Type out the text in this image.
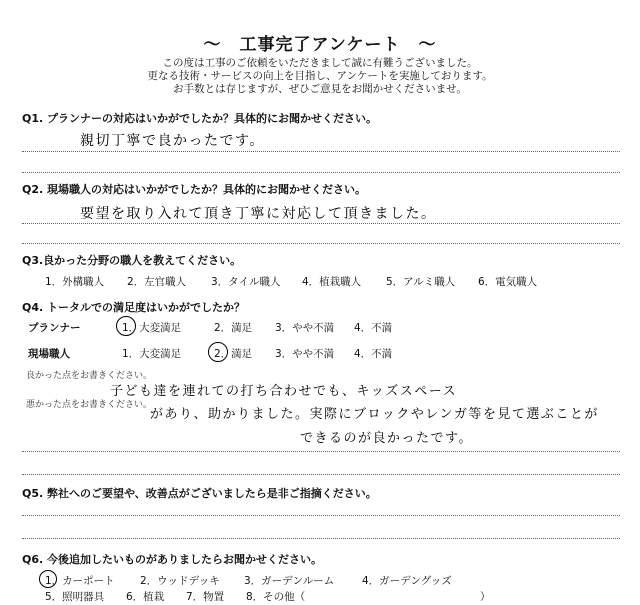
～　工事完了アンケート　～
この度は工事のご依頼をいただきまして誠に有難うございました。
更なる技術・サービスの向上を目指し、アンケートを実施しております。
お手数とは存じますが、ぜひご意見をお聞かせくださいませ。
Q1. プランナーの対応はいかがでしたか？具体的にお聞かせください。
親切丁寧で良かったです。
Q2. 現場職人の対応はいかがでしたか？具体的にお聞かせください。
要望を取り入れて頂き丁寧に対応して頂きました。
Q3.良かった分野の職人を教えてください。
1．外構職人 2．左官職人 3．タイル職人 4．植栽職人 5．アルミ職人 6．電気職人
Q4. トータルでの満足度はいかがでしたか？
プランナー	1．大変満足	2．満足 3．やや不満 4．不満
現場職人	1．大変満足	2．満足 3．やや不満 4．不満
良かった点をお書きください。
子ども達を連れての打ち合わせでも、キッズスペース
があり、助かりました。実際にブロックやレンガ等を見て選ぶことが
悪かった点をお書きください。
できるのが良かったです。
Q5. 弊社へのご要望や、改善点がございましたら是非ご指摘ください。
Q6. 今後追加したいものがありましたらお聞かせください。
1．カーポート 2．ウッドデッキ 3．ガーデンルーム	4．ガーデングッズ
5．照明器具 6．植栽 7．物置 8．その他（	）
